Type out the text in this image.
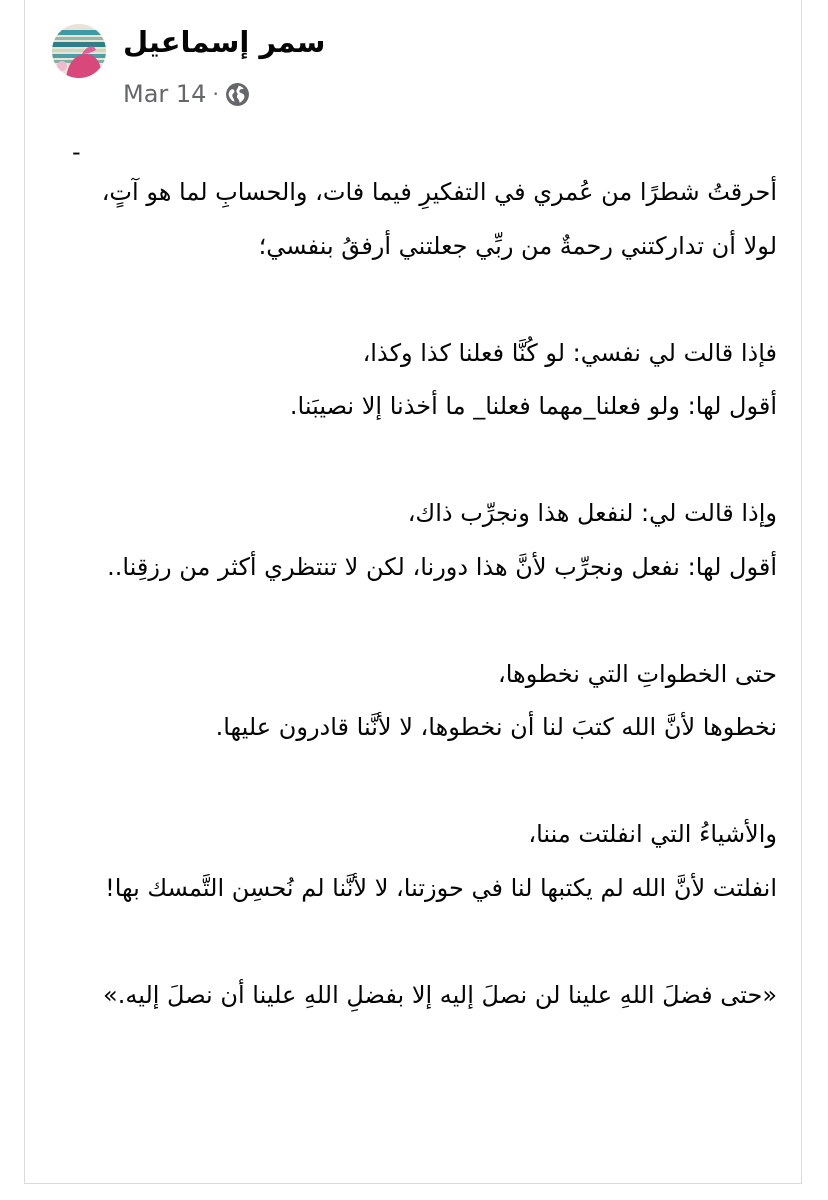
سمر إسماعيل
Mar 14 ·
-

أحرقتُ شطرًا من عُمري في التفكيرِ فيما فات، والحسابِ لما هو آتٍ،
لولا أن تداركتني رحمةٌ من ربِّي جعلتني أرفقُ بنفسي؛

فإذا قالت لي نفسي: لو كُنَّا فعلنا كذا وكذا،
أقول لها: ولو فعلنا_مهما فعلنا_ ما أخذنا إلا نصيبَنا.

وإذا قالت لي: لنفعل هذا ونجرِّب ذاك،
أقول لها: نفعل ونجرِّب لأنَّ هذا دورنا، لكن لا تنتظري أكثر من رزقِنا..

حتى الخطواتِ التي نخطوها،
نخطوها لأنَّ الله كتبَ لنا أن نخطوها، لا لأنَّنا قادرون عليها.

والأشياءُ التي انفلتت مننا،
انفلتت لأنَّ الله لم يكتبها لنا في حوزتنا، لا لأنَّنا لم نُحسِن التَّمسك بها!

«حتى فضلَ اللهِ علينا لن نصلَ إليه إلا بفضلِ اللهِ علينا أن نصلَ إليه.»
